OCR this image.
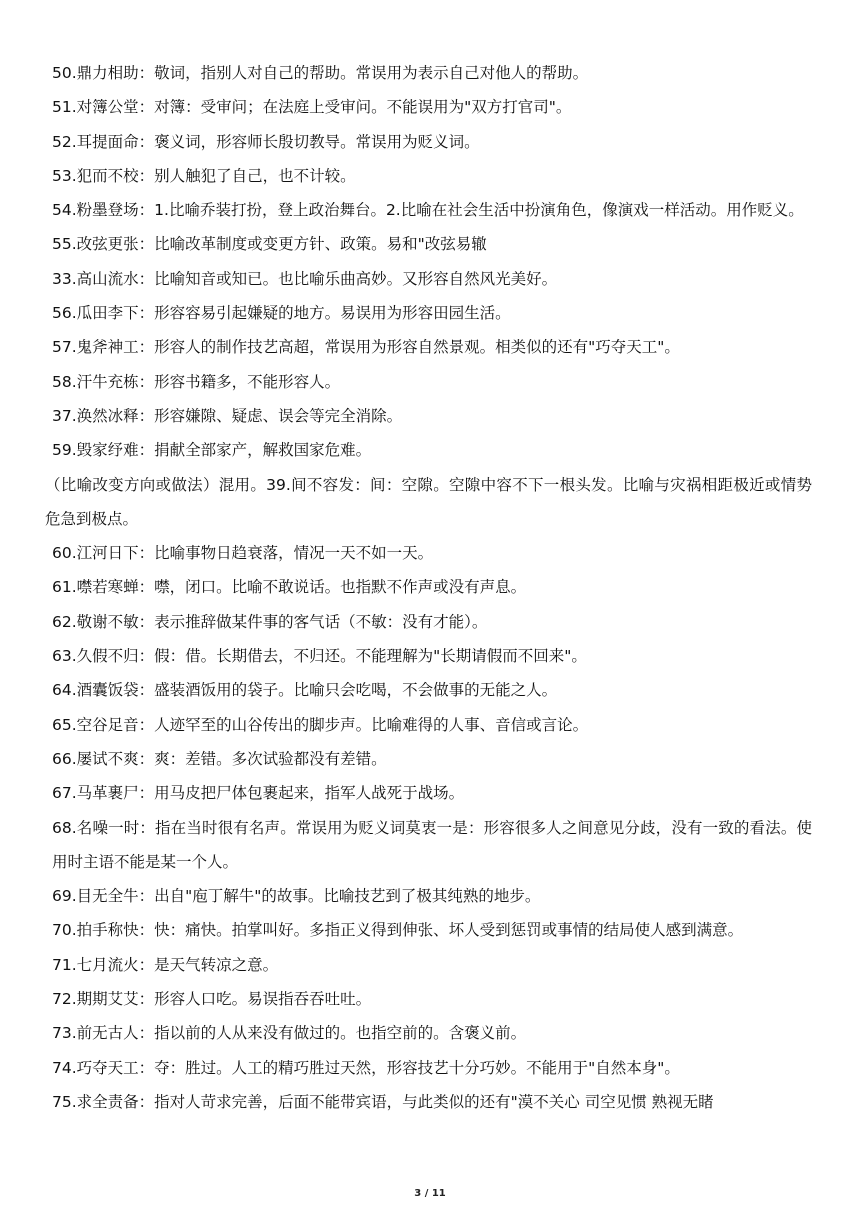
50.鼎力相助：敬词，指别人对自己的帮助。常误用为表示自己对他人的帮助。

51.对簿公堂：对簿：受审问；在法庭上受审问。不能误用为"双方打官司"。

52.耳提面命：褒义词，形容师长殷切教导。常误用为贬义词。

53.犯而不校：别人触犯了自己，也不计较。

54.粉墨登场：1.比喻乔装打扮，登上政治舞台。2.比喻在社会生活中扮演角色，像演戏一样活动。用作贬义。

55.改弦更张：比喻改革制度或变更方针、政策。易和"改弦易辙

33.高山流水：比喻知音或知已。也比喻乐曲高妙。又形容自然风光美好。

56.瓜田李下：形容容易引起嫌疑的地方。易误用为形容田园生活。

57.鬼斧神工：形容人的制作技艺高超，常误用为形容自然景观。相类似的还有"巧夺天工"。

58.汗牛充栋：形容书籍多，不能形容人。

37.涣然冰释：形容嫌隙、疑虑、误会等完全消除。

59.毁家纾难：捐献全部家产，解救国家危难。

（比喻改变方向或做法）混用。39.间不容发：间：空隙。空隙中容不下一根头发。比喻与灾祸相距极近或情势危急到极点。

60.江河日下：比喻事物日趋衰落，情况一天不如一天。

61.噤若寒蝉：噤，闭口。比喻不敢说话。也指默不作声或没有声息。

62.敬谢不敏：表示推辞做某件事的客气话（不敏：没有才能）。

63.久假不归：假：借。长期借去，不归还。不能理解为"长期请假而不回来"。

64.酒囊饭袋：盛装酒饭用的袋子。比喻只会吃喝，不会做事的无能之人。

65.空谷足音：人迹罕至的山谷传出的脚步声。比喻难得的人事、音信或言论。

66.屡试不爽：爽：差错。多次试验都没有差错。

67.马革裹尸：用马皮把尸体包裹起来，指军人战死于战场。

68.名噪一时：指在当时很有名声。常误用为贬义词莫衷一是：形容很多人之间意见分歧，没有一致的看法。使用时主语不能是某一个人。

69.目无全牛：出自"庖丁解牛"的故事。比喻技艺到了极其纯熟的地步。

70.拍手称快：快：痛快。拍掌叫好。多指正义得到伸张、坏人受到惩罚或事情的结局使人感到满意。

71.七月流火：是天气转凉之意。

72.期期艾艾：形容人口吃。易误指吞吞吐吐。

73.前无古人：指以前的人从来没有做过的。也指空前的。含褒义前。

74.巧夺天工：夺：胜过。人工的精巧胜过天然，形容技艺十分巧妙。不能用于"自然本身"。

75.求全责备：指对人苛求完善，后面不能带宾语，与此类似的还有"漠不关心 司空见惯 熟视无睹

3 / 11
